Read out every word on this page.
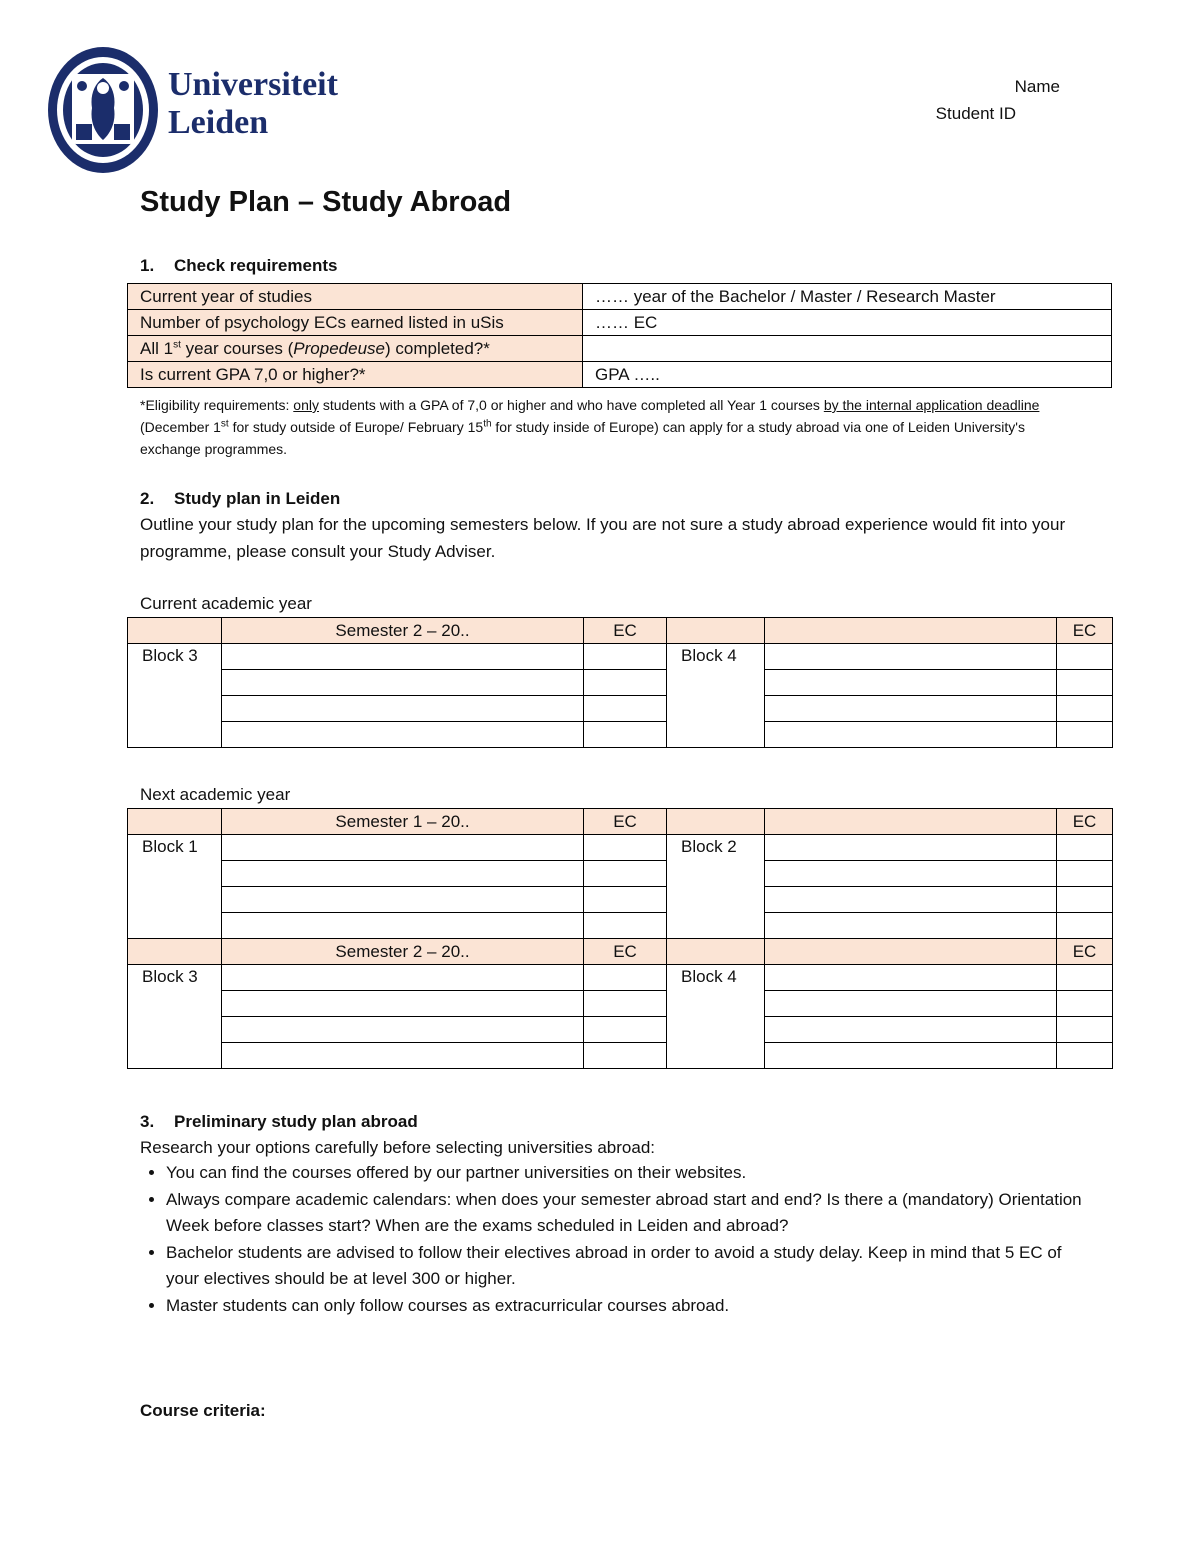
Universiteit
Leiden
Name
Student ID
Study Plan – Study Abroad

1. Check requirements

Current year of studies	…… year of the Bachelor / Master / Research Master
Number of psychology ECs earned listed in uSis	…… EC
All 1st year courses (Propedeuse) completed?*	
Is current GPA 7,0 or higher?*	GPA …..

*Eligibility requirements: only students with a GPA of 7,0 or higher and who have completed all Year 1 courses by the internal application deadline (December 1st for study outside of Europe/ February 15th for study inside of Europe) can apply for a study abroad via one of Leiden University's exchange programmes.

2. Study plan in Leiden

Outline your study plan for the upcoming semesters below. If you are not sure a study abroad experience would fit into your programme, please consult your Study Adviser.

Current academic year

	Semester 2 – 20..	EC			EC
Block 3			Block 4		

Next academic year

	Semester 1 – 20..	EC			EC
Block 1			Block 2		

	Semester 2 – 20..	EC			EC
Block 3			Block 4		

3. Preliminary study plan abroad

Research your options carefully before selecting universities abroad:

• You can find the courses offered by our partner universities on their websites.
• Always compare academic calendars: when does your semester abroad start and end? Is there a (mandatory) Orientation Week before classes start? When are the exams scheduled in Leiden and abroad?
• Bachelor students are advised to follow their electives abroad in order to avoid a study delay. Keep in mind that 5 EC of your electives should be at level 300 or higher.
• Master students can only follow courses as extracurricular courses abroad.

Course criteria:
